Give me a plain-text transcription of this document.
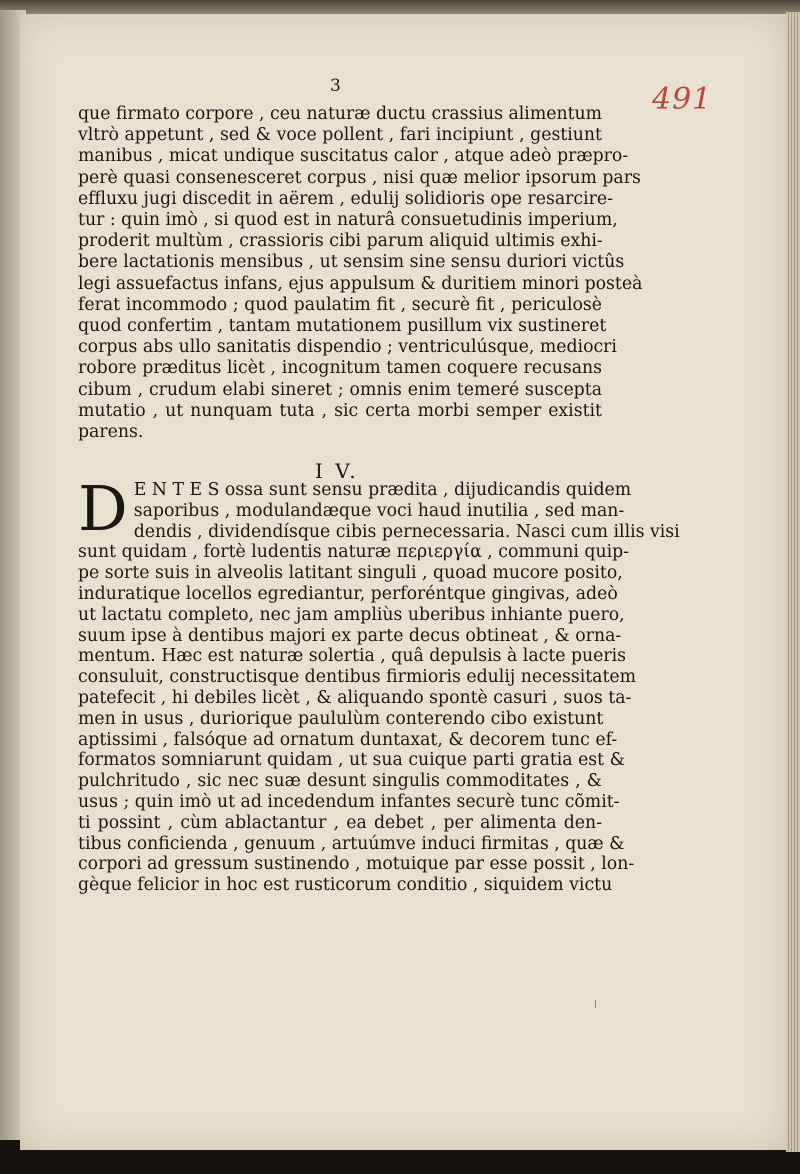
3	491
que firmato corpore , ceu naturæ ductu crassius alimentum
vltrò appetunt , sed & voce pollent , fari incipiunt , gestiunt
manibus , micat undique suscitatus calor , atque adeò præpro-
perè quasi consenesceret corpus , nisi quæ melior ipsorum pars
effluxu jugi discedit in aërem , edulij solidioris ope resarcire-
tur : quin imò , si quod est in naturâ consuetudinis imperium,
proderit multùm , crassioris cibi parum aliquid ultimis exhi-
bere lactationis mensibus , ut sensim sine sensu duriori victûs
legi assuefactus infans, ejus appulsum & duritiem minori posteà
ferat incommodo ; quod paulatim fit , securè fit , periculosè
quod confertim , tantam mutationem pusillum vix sustineret
corpus abs ullo sanitatis dispendio ; ventriculúsque, mediocri
robore præditus licèt , incognitum tamen coquere recusans
cibum , crudum elabi sineret ; omnis enim temeré suscepta
mutatio , ut nunquam tuta , sic certa morbi semper existit
parens.
I V.
D E N T E S ossa sunt sensu prædita , dijudicandis quidem
saporibus , modulandæque voci haud inutilia , sed man-
dendis , dividendísque cibis pernecessaria. Nasci cum illis visi
sunt quidam , fortè ludentis naturæ περιεργία , communi quip-
pe sorte suis in alveolis latitant singuli , quoad mucore posito,
induratique locellos egrediantur, perforéntque gingivas, adeò
ut lactatu completo, nec jam ampliùs uberibus inhiante puero,
suum ipse à dentibus majori ex parte decus obtineat , & orna-
mentum. Hæc est naturæ solertia , quâ depulsis à lacte pueris
consuluit, constructisque dentibus firmioris edulij necessitatem
patefecit , hi debiles licèt , & aliquando spontè casuri , suos ta-
men in usus , duriorique paululùm conterendo cibo existunt
aptissimi , falsóque ad ornatum duntaxat, & decorem tunc ef-
formatos somniarunt quidam , ut sua cuique parti gratia est &
pulchritudo , sic nec suæ desunt singulis commoditates , &
usus ; quin imò ut ad incedendum infantes securè tunc cõmit-
ti possint , cùm ablactantur , ea debet , per alimenta den-
tibus conficienda , genuum , artuúmve induci firmitas , quæ &
corpori ad gressum sustinendo , motuique par esse possit , lon-
gèque felicior in hoc est rusticorum conditio , siquidem victu
